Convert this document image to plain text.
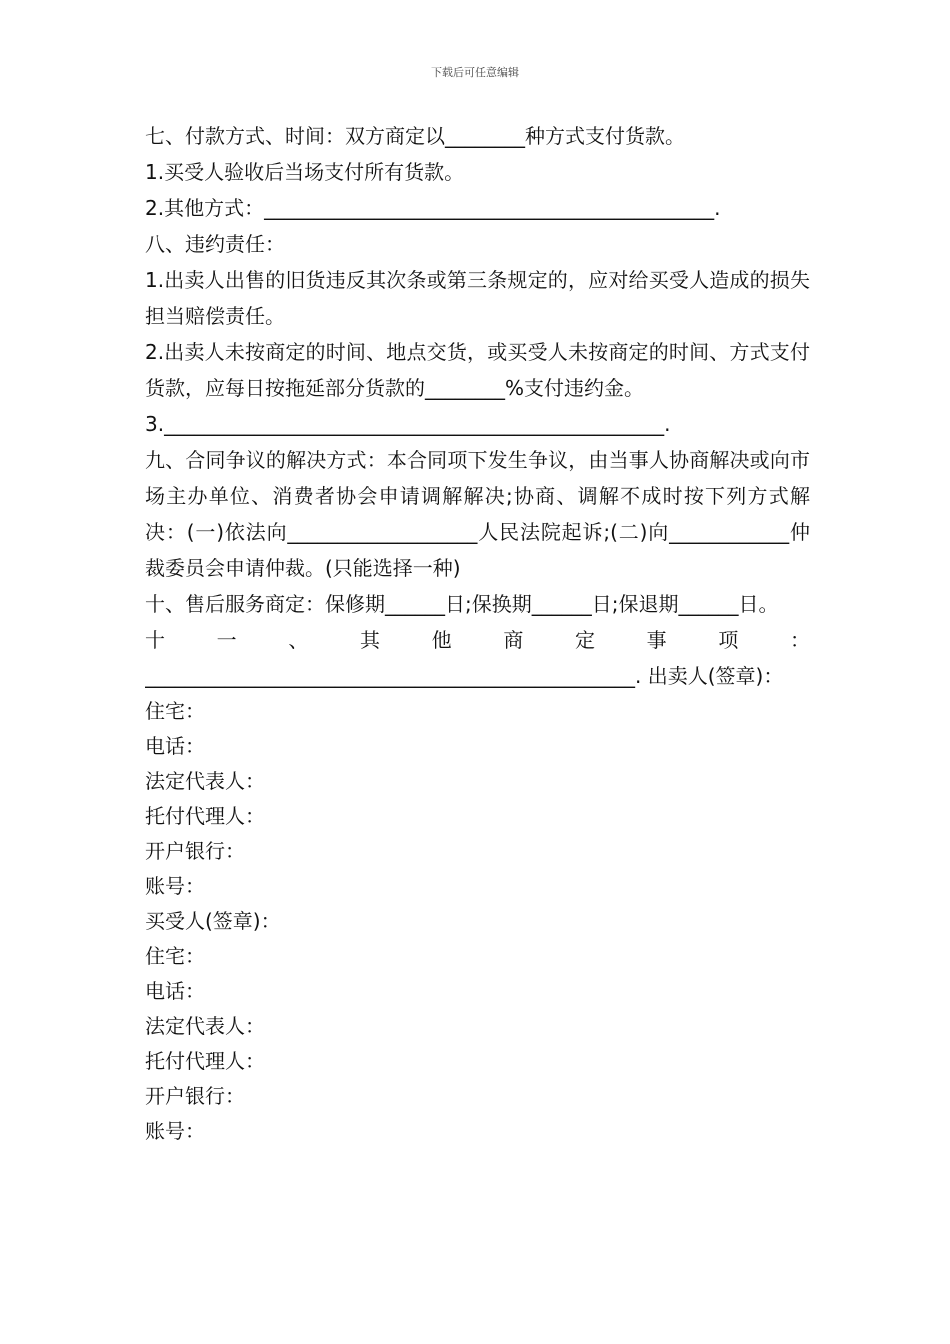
下载后可任意编辑
七、付款方式、时间：双方商定以________种方式支付货款。
1.买受人验收后当场支付所有货款。
2.其他方式：_____________________________________________.
八、违约责任：
1.出卖人出售的旧货违反其次条或第三条规定的，应对给买受人造成的损失担当赔偿责任。
2.出卖人未按商定的时间、地点交货，或买受人未按商定的时间、方式支付货款，应每日按拖延部分货款的________%支付违约金。
3.__________________________________________________.
九、合同争议的解决方式：本合同项下发生争议，由当事人协商解决或向市场主办单位、消费者协会申请调解解决;协商、调解不成时按下列方式解决：(一)依法向___________________人民法院起诉;(二)向____________仲裁委员会申请仲裁。(只能选择一种)
十、售后服务商定：保修期______日;保换期______日;保退期______日。
十一、其他商定事项：_________________________________________________. 出卖人(签章)：
住宅：
电话：
法定代表人：
托付代理人：
开户银行：
账号：
买受人(签章)：
住宅：
电话：
法定代表人：
托付代理人：
开户银行：
账号：
